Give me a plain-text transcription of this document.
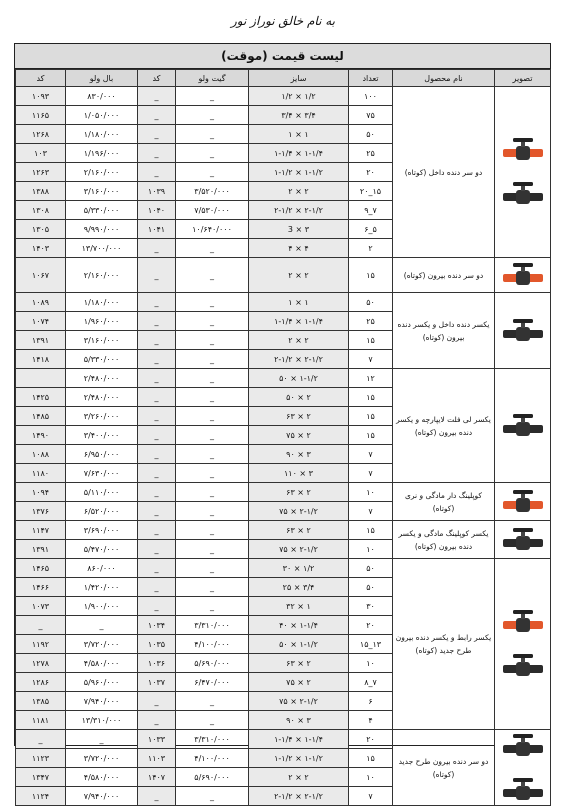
به نام خالق نوراز نور
لیست قیمت (موقت)
کد	بال ولو	کد	گیت ولو	سایز	تعداد	نام محصول	تصویر
۱۰۹۳	۸۳۰/۰۰۰	_	_	۱/۲ × ۱/۲	۱۰۰	دو سر دنده داخل (کوتاه)	

۱۱۶۵	۱/۰۵۰/۰۰۰	_	_	۳/۴ × ۳/۴	۷۵		
۱۲۶۸	۱/۱۸۰/۰۰۰	_	_	۱ × ۱	۵۰		
۱۰۳	۱/۱۹۶/۰۰۰	_	_	۱-۱/۴ × ۱-۱/۴	۲۵		
۱۲۶۳	۲/۱۶۰/۰۰۰	_	_	۱-۱/۲ × ۱-۱/۲	۲۰		
۱۳۸۸	۳/۱۶۰/۰۰۰	۱۰۳۹	۳/۵۲۰/۰۰۰	۲ × ۲	۲۰_۱۵		
۱۳۰۸	۵/۳۳۰/۰۰۰	۱۰۴۰	۷/۵۳۰/۰۰۰	۲-۱/۲ × ۲-۱/۲	۹_۷		
۱۳۰۵	۹/۹۹۰/۰۰۰	۱۰۴۱	۱۰/۶۴۰/۰۰۰	3 × ۳	۶_۵		
۱۴۰۳	۱۳/۷۰۰/۰۰۰	_	_	۴ × ۴	۲		
۱۰۶۷	۲/۱۶۰/۰۰۰	_	_	۲ × ۲	۱۵	دو سر دنده بیرون (کوتاه)	

۱۰۸۹	۱/۱۸۰/۰۰۰	_	_	۱ × ۱	۵۰	یکسر دنده داخل و یکسر دنده بیرون (کوتاه)	

۱۰۷۴	۱/۹۶۰/۰۰۰	_	_	۱-۱/۴ × ۱-۱/۴	۲۵		
۱۳۹۱	۳/۱۶۰/۰۰۰	_	_	۲ × ۲	۱۵		
۱۴۱۸	۵/۳۳۰/۰۰۰	_	_	۲-۱/۲ × ۲-۱/۲	۷		
	۲/۴۸۰/۰۰۰	_	_	۵۰ × ۱-۱/۲	۱۲	یکسر لی فلت لایپارچه و یکسر دنده بیرون (کوتاه)	

۱۴۲۵	۲/۴۸۰/۰۰۰	_	_	۵۰ × ۲	۱۵		
۱۴۸۵	۳/۲۶۰/۰۰۰	_	_	۶۳ × ۲	۱۵		
۱۴۹۰	۳/۴۰۰/۰۰۰	_	_	۷۵ × ۲	۱۵		
۱۰۸۸	۶/۹۵۰/۰۰۰	_	_	۹۰ × ۳	۷		
۱۱۸۰	۷/۶۳۰/۰۰۰	_	_	۱۱۰ × ۳	۷		
۱۰۹۴	۵/۱۱۰/۰۰۰	_	_	۶۳ × ۲	۱۰	کوپلینگ دار مادگی و نری (کوتاه)	

۱۳۷۶	۶/۵۲۰/۰۰۰	_	_	۷۵ × ۲-۱/۲	۷		
۱۱۴۷	۳/۶۹۰/۰۰۰	_	_	۶۳ × ۲	۱۵	یکسر کوپلینگ مادگی و یکسر دنده بیرون (کوتاه)	

۱۳۹۱	۵/۴۷۰/۰۰۰	_	_	۷۵ × ۲-۱/۲	۱۰		
۱۴۶۵	۸۶۰/۰۰۰	_	_	۳۰ × ۱/۲	۵۰	یکسر رابط و یکسر دنده بیرون طرح جدید (کوتاه)	

۱۴۶۶	۱/۴۲۰/۰۰۰	_	_	۲۵ × ۳/۴	۵۰		
۱۰۷۳	۱/۹۰۰/۰۰۰	_	_	۳۲ × ۱	۳۰		
_	_	۱۰۳۴	۳/۳۱۰/۰۰۰	۴۰ × ۱-۱/۴	۲۰		
۱۱۹۲	۳/۷۲۰/۰۰۰	۱۰۳۵	۴/۱۰۰/۰۰۰	۵۰ × ۱-۱/۲	۱۵_۱۳		
۱۲۷۸	۴/۵۸۰/۰۰۰	۱۰۳۶	۵/۶۹۰/۰۰۰	۶۳ × ۲	۱۰		
۱۲۸۶	۵/۹۶۰/۰۰۰	۱۰۳۷	۶/۴۷۰/۰۰۰	۷۵ × ۲	۸_۷		
۱۳۸۵	۷/۹۴۰/۰۰۰	_	_	۷۵ × ۲-۱/۲	۶		
۱۱۸۱	۱۳/۳۱۰/۰۰۰	_	_	۹۰ × ۳	۴		
_	_	۱۰۳۳	۳/۳۱۰/۰۰۰	۱-۱/۴ × ۱-۱/۴	۲۰	دو سر دنده بیرون طرح جدید (کوتاه)	

۱۱۲۳	۳/۷۲۰/۰۰۰	۱۱۰۳	۴/۱۰۰/۰۰۰	۱-۱/۲ × ۱-۱/۲	۱۵		
۱۳۴۷	۴/۵۸۰/۰۰۰	۱۴۰۷	۵/۶۹۰/۰۰۰	۲ × ۲	۱۰		
۱۱۲۴	۷/۹۴۰/۰۰۰	_	_	۲-۱/۲ × ۲-۱/۲	۷		
